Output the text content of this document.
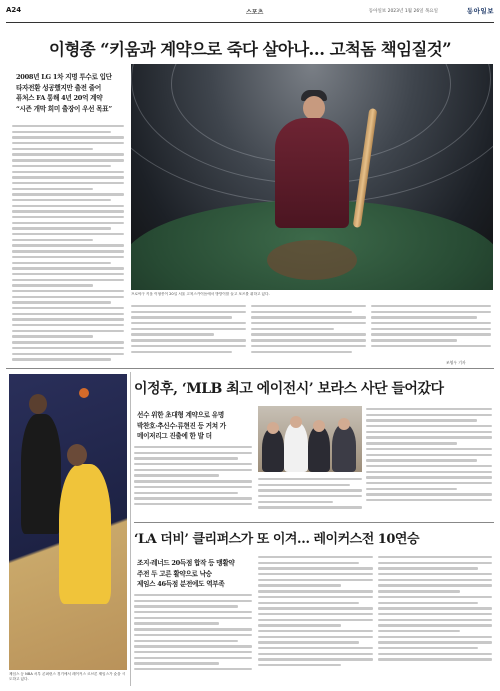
A24	스포츠	동아일보 2023년 1월 26일 목요일	동아일보
이형종 “키움과 계약으로 죽다 살아나… 고척돔 책임질것”
2008년 LG 1차 지명 투수로 입단
타자전환 성공했지만 출전 줄어
퓨처스 FA 통해 4년 20억 계약
“시즌 개막 희미 출장이 우선 목표”
프로야구 키움 이형종이 20일 서울 고척스카이돔에서 방망이를 들고 포즈를 취하고 있다.
조영우 기자
제임스 등 NBA 서부 콘퍼런스 경기에서 레이커스 르브론 제임스가 슛을 시도하고 있다.
이정후, ‘MLB 최고 에이전시’ 보라스 사단 들어갔다
선수 위한 초대형 계약으로 유명
박찬호·추신수·류현진 등 거쳐 가
메이저리그 진출에 한 발 더
‘LA 더비’ 클리퍼스가 또 이겨… 레이커스전 10연승
조지·레너드 20득점 합작 등 맹활약
주전 두 고른 활약으로 낙승
제임스 46득점 분전에도 역부족
